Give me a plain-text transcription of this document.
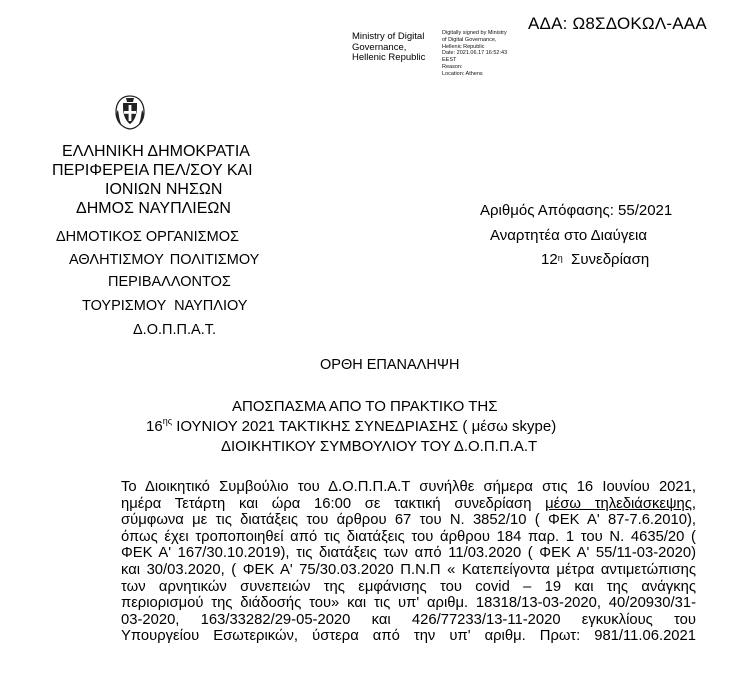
ΑΔΑ: Ω8ΣΔΟΚΩΛ-ΑΑΑ
Ministry of Digital Governance, Hellenic Republic
Digitally signed by Ministry
of Digital Governance,
Hellenic Republic
Date: 2021.06.17 16:52:43
EEST
Reason:
Location: Athens
ΕΛΛΗΝΙΚΗ ΔΗΜΟΚΡΑΤΙΑ
ΠΕΡΙΦΕΡΕΙΑ ΠΕΛ/ΣΟΥ ΚΑΙ
ΙΟΝΙΩΝ ΝΗΣΩΝ
ΔΗΜΟΣ ΝΑΥΠΛΙΕΩΝ
ΔΗΜΟΤΙΚΟΣ ΟΡΓΑΝΙΣΜΟΣ
ΑΘΛΗΤΙΣΜΟΥ ΠΟΛΙΤΙΣΜΟΥ
ΠΕΡΙΒΑΛΛΟΝΤΟΣ
ΤΟΥΡΙΣΜΟΥ ΝΑΥΠΛΙΟΥ
Δ.Ο.Π.Π.Α.Τ.
Αριθμός Απόφασης: 55/2021
Αναρτητέα στο Διαύγεια
$12^\eta$ Συνεδρίαση
ΟΡΘΗ ΕΠΑΝΑΛΗΨΗ
ΑΠΟΣΠΑΣΜΑ ΑΠΟ ΤΟ ΠΡΑΚΤΙΚΟ ΤΗΣ
$16^{\eta\varsigma}$ ΙΟΥΝΙΟΥ 2021 ΤΑΚΤΙΚΗΣ ΣΥΝΕΔΡΙΑΣΗΣ ( μέσω skype)
ΔΙΟΙΚΗΤΙΚΟΥ ΣΥΜΒΟΥΛΙΟΥ ΤΟΥ Δ.Ο.Π.Π.Α.Τ
Το Διοικητικό Συμβούλιο του Δ.Ο.Π.Π.Α.Τ συνήλθε σήμερα στις 16 Ιουνίου 2021,
ημέρα Τετάρτη και ώρα 16:00 σε τακτική συνεδρίαση μέσω τηλεδιάσκεψης,
σύμφωνα με τις διατάξεις του άρθρου 67 του Ν. 3852/10 ( ΦΕΚ Α' 87-7.6.2010),
όπως έχει τροποποιηθεί από τις διατάξεις του άρθρου 184 παρ. 1 του Ν. 4635/20 (
ΦΕΚ Α' 167/30.10.2019), τις διατάξεις των από 11/03.2020 ( ΦΕΚ Α' 55/11-03-2020)
και 30/03.2020, ( ΦΕΚ Α' 75/30.03.2020 Π.Ν.Π « Κατεπείγοντα μέτρα αντιμετώπισης
των αρνητικών συνεπειών της εμφάνισης του covid – 19 και της ανάγκης
περιορισμού της διάδοσής του» και τις υπ' αριθμ. 18318/13-03-2020, 40/20930/31-
03-2020, 163/33282/29-05-2020 και 426/77233/13-11-2020 εγκυκλίους του
Υπουργείου Εσωτερικών, ύστερα από την υπ' αριθμ. Πρωτ: 981/11.06.2021
